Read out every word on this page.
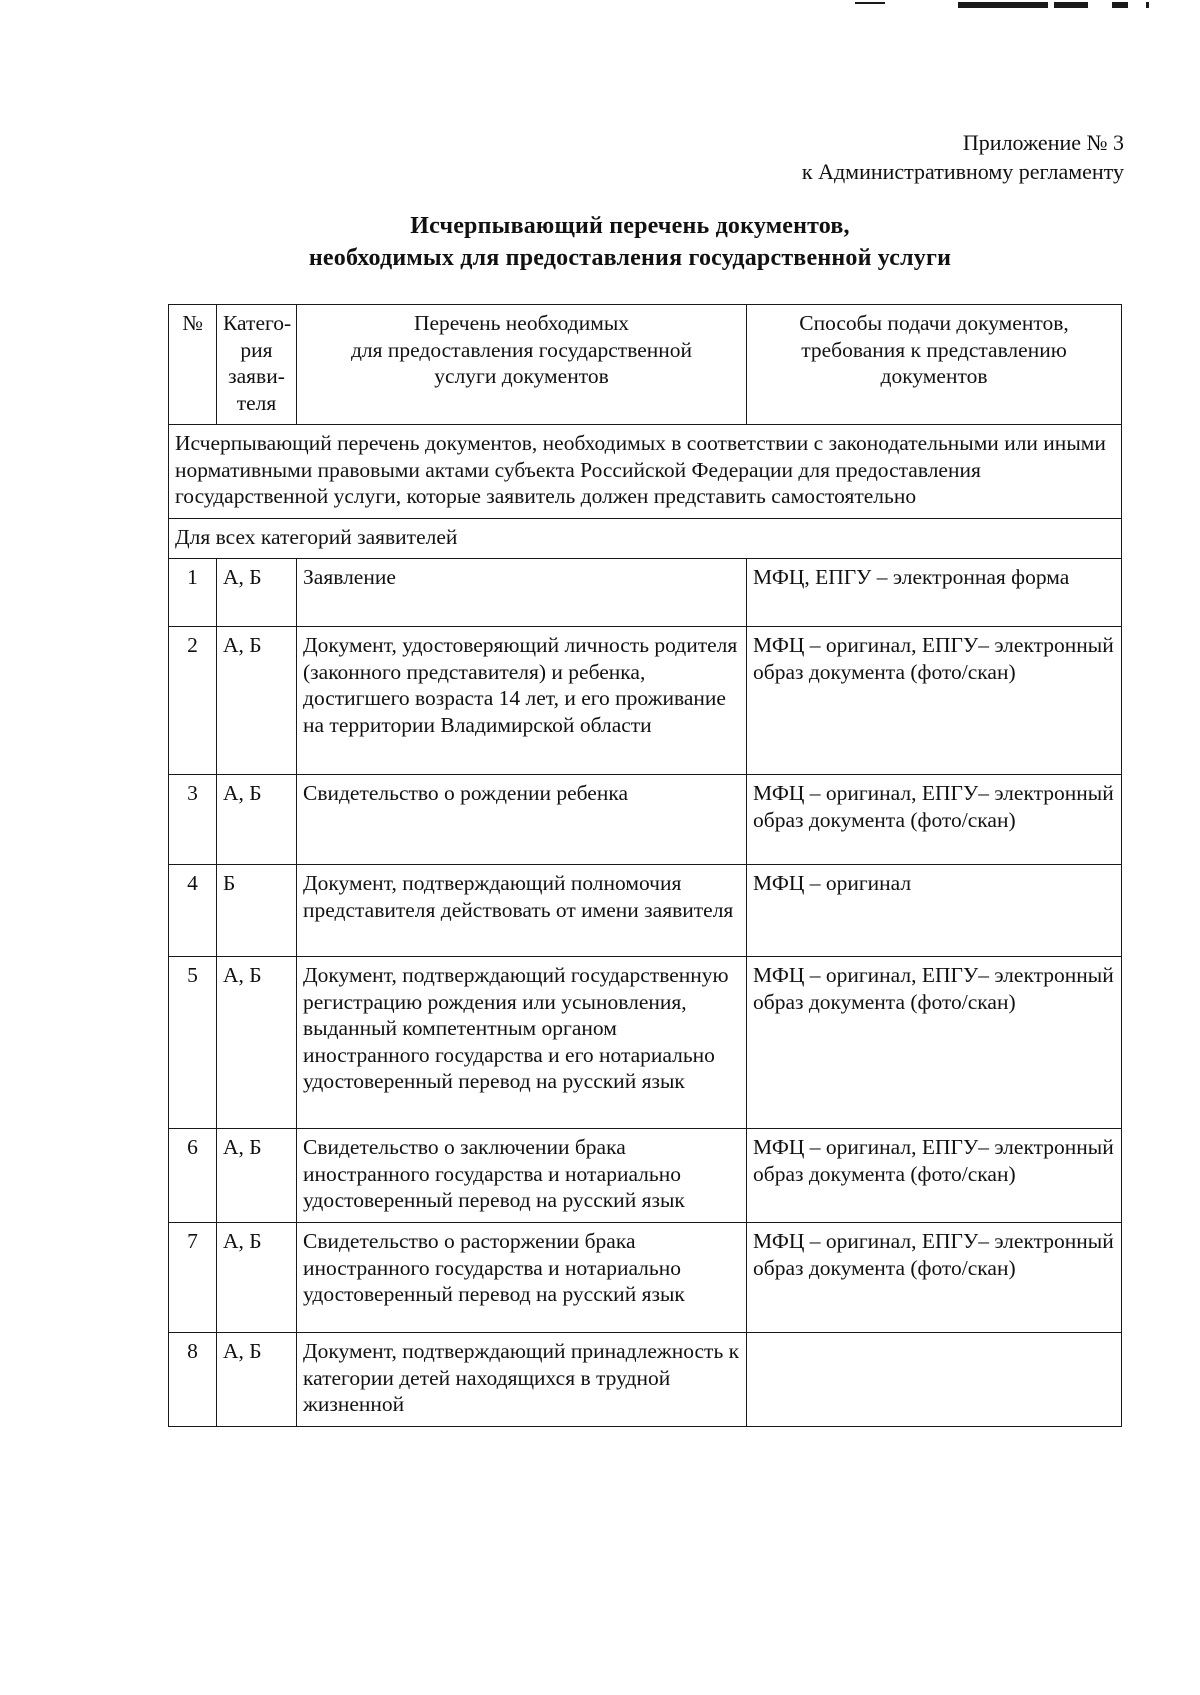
Приложение № 3
к Административному регламенту
Исчерпывающий перечень документов,
необходимых для предоставления государственной услуги
№	Катего-
рия
заяви-
теля	Перечень необходимых
для предоставления государственной
услуги документов	Способы подачи документов,
требования к представлению
документов
Исчерпывающий перечень документов, необходимых в соответствии с законодательными или иными нормативными правовыми актами субъекта Российской Федерации для предоставления государственной услуги, которые заявитель должен представить самостоятельно			
Для всех категорий заявителей			
1	А, Б	Заявление	МФЦ, ЕПГУ – электронная форма
2	А, Б	Документ, удостоверяющий личность родителя (законного представителя) и ребенка, достигшего возраста 14 лет, и его проживание на территории Владимирской области	МФЦ – оригинал, ЕПГУ– электронный образ документа (фото/скан)
3	А, Б	Свидетельство о рождении ребенка	МФЦ – оригинал, ЕПГУ– электронный образ документа (фото/скан)
4	Б	Документ, подтверждающий полномочия представителя действовать от имени заявителя	МФЦ – оригинал
5	А, Б	Документ, подтверждающий государственную регистрацию рождения или усыновления, выданный компетентным органом иностранного государства и его нотариально удостоверенный перевод на русский язык	МФЦ – оригинал, ЕПГУ– электронный образ документа (фото/скан)
6	А, Б	Свидетельство о заключении брака иностранного государства и нотариально удостоверенный перевод на русский язык	МФЦ – оригинал, ЕПГУ– электронный образ документа (фото/скан)
7	А, Б	Свидетельство о расторжении брака иностранного государства и нотариально удостоверенный перевод на русский язык	МФЦ – оригинал, ЕПГУ– электронный образ документа (фото/скан)
8	А, Б	Документ, подтверждающий принадлежность к категории детей находящихся в трудной жизненной	
